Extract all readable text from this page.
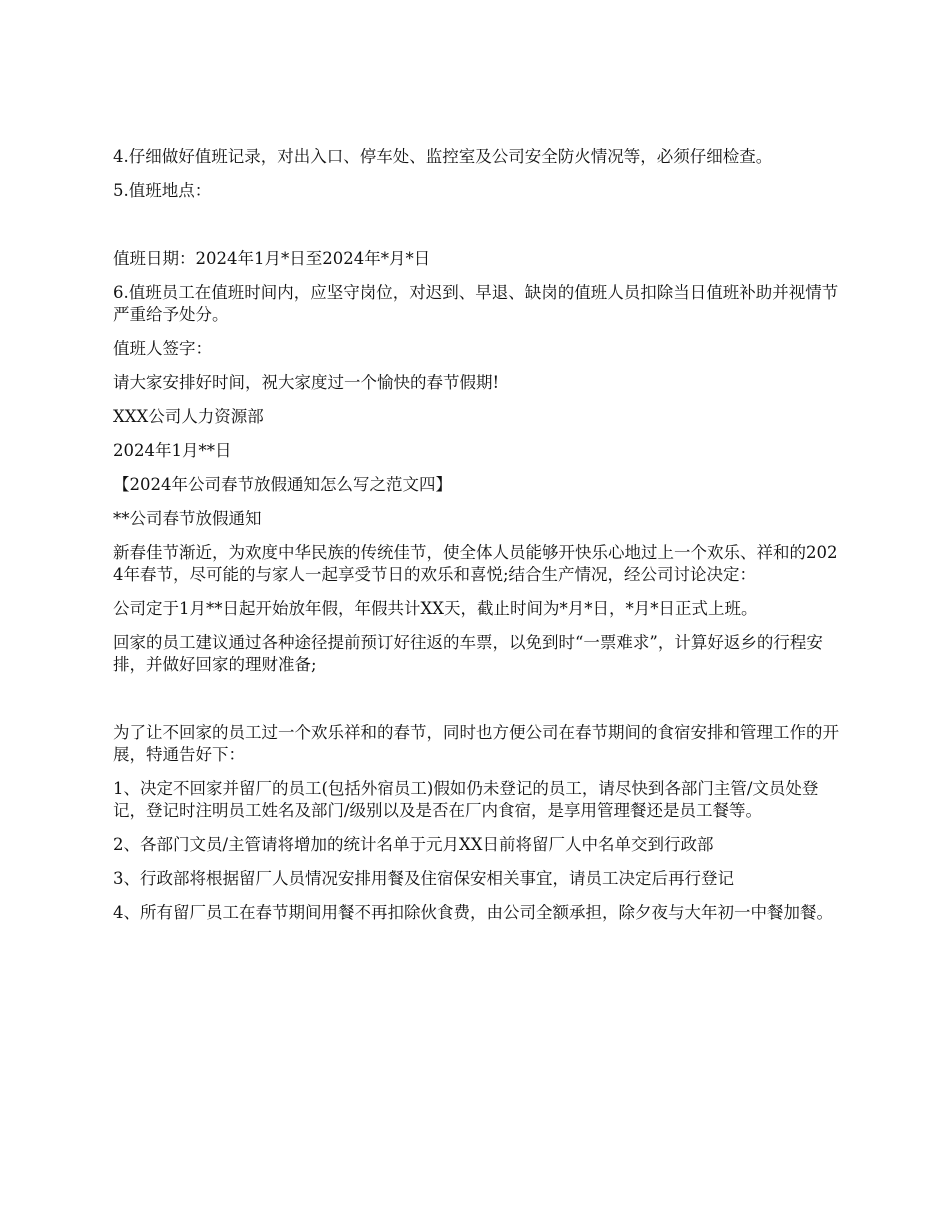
4.仔细做好值班记录，对出入口、停车处、监控室及公司安全防火情况等，必须仔细检查。

5.值班地点：

值班日期：2024年1月*日至2024年*月*日

6.值班员工在值班时间内，应坚守岗位，对迟到、早退、缺岗的值班人员扣除当日值班补助并视情节严重给予处分。

值班人签字：

请大家安排好时间，祝大家度过一个愉快的春节假期!

XXX公司人力资源部

2024年1月**日

【2024年公司春节放假通知怎么写之范文四】

**公司春节放假通知

新春佳节渐近，为欢度中华民族的传统佳节，使全体人员能够开快乐心地过上一个欢乐、祥和的2024年春节，尽可能的与家人一起享受节日的欢乐和喜悦;结合生产情况，经公司讨论决定：

公司定于1月**日起开始放年假，年假共计XX天，截止时间为*月*日，*月*日正式上班。

回家的员工建议通过各种途径提前预订好往返的车票，以免到时“一票难求”，计算好返乡的行程安排，并做好回家的理财准备;

为了让不回家的员工过一个欢乐祥和的春节，同时也方便公司在春节期间的食宿安排和管理工作的开展，特通告好下：

1、决定不回家并留厂的员工(包括外宿员工)假如仍未登记的员工，请尽快到各部门主管/文员处登记，登记时注明员工姓名及部门/级别以及是否在厂内食宿，是享用管理餐还是员工餐等。

2、各部门文员/主管请将增加的统计名单于元月XX日前将留厂人中名单交到行政部

3、行政部将根据留厂人员情况安排用餐及住宿保安相关事宜，请员工决定后再行登记

4、所有留厂员工在春节期间用餐不再扣除伙食费，由公司全额承担，除夕夜与大年初一中餐加餐。
